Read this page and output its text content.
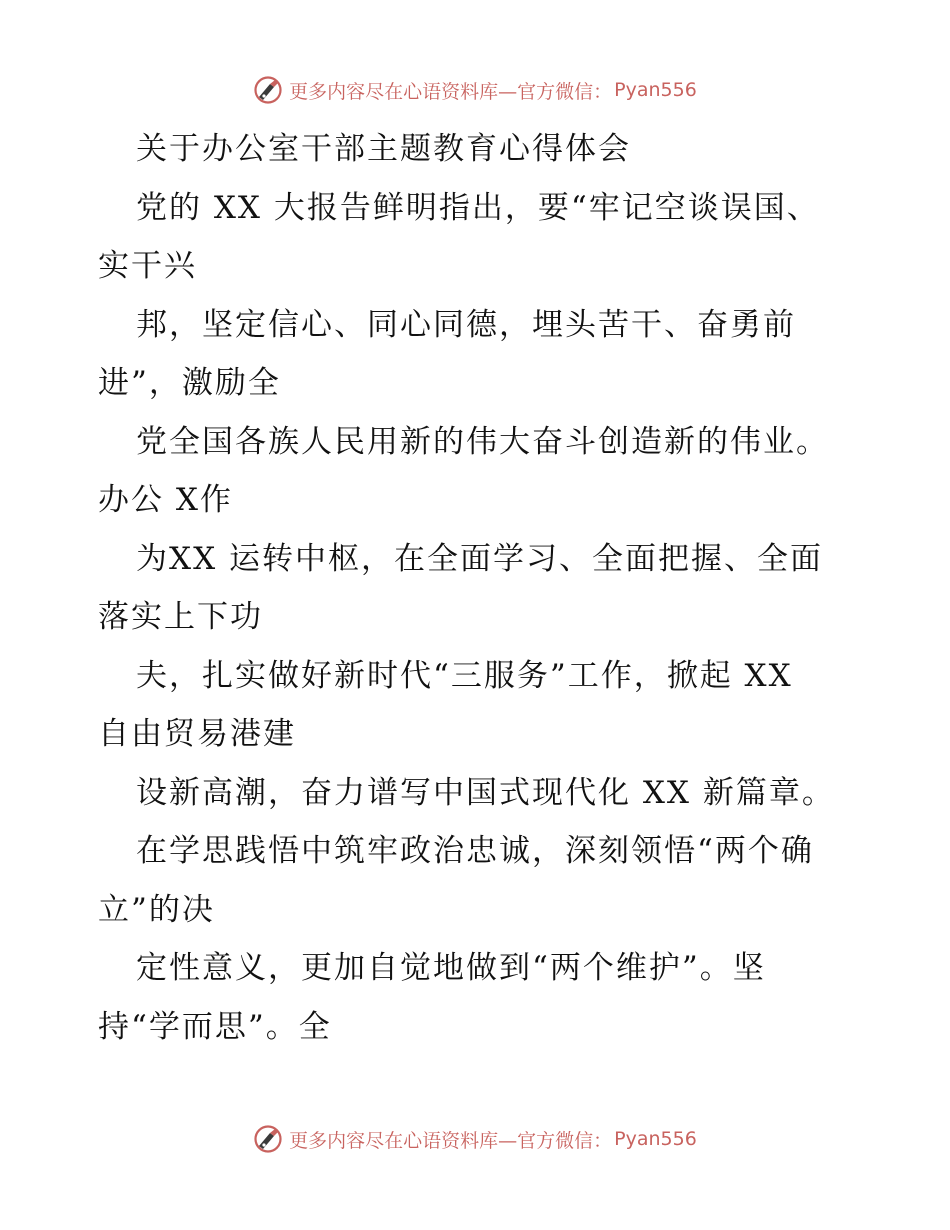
更多内容尽在心语资料库—官方微信： Pyan556
关于办公室干部主题教育心得体会
党的 XX 大报告鲜明指出，要“牢记空谈误国、
实干兴
邦，坚定信心、同心同德，埋头苦干、奋勇前
进”，激励全
党全国各族人民用新的伟大奋斗创造新的伟业。
办公 X作
为XX 运转中枢，在全面学习、全面把握、全面
落实上下功
夫，扎实做好新时代“三服务”工作，掀起 XX
自由贸易港建
设新高潮，奋力谱写中国式现代化 XX 新篇章。
在学思践悟中筑牢政治忠诚，深刻领悟“两个确
立”的决
定性意义，更加自觉地做到“两个维护”。坚
持“学而思”。全
更多内容尽在心语资料库—官方微信： Pyan556
